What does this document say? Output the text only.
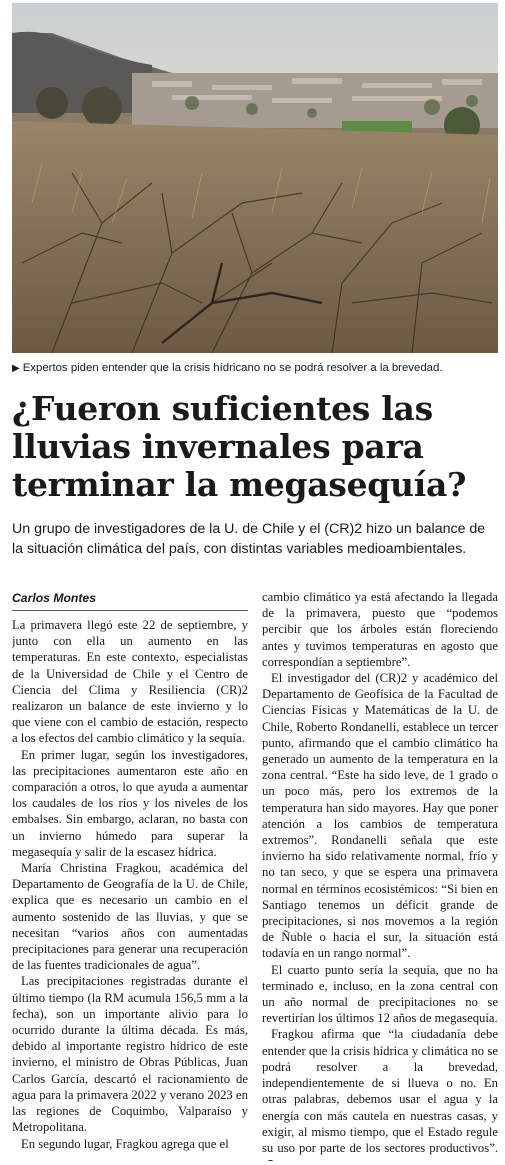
▶ Expertos piden entender que la crisis hídricano no se podrá resolver a la brevedad.
¿Fueron suficientes las
lluvias invernales para
terminar la megasequía?
Un grupo de investigadores de la U. de Chile y el (CR)2 hizo un balance de
la situación climática del país, con distintas variables medioambientales.
Carlos Montes

La primavera llegó este 22 de septiembre, y junto con ella un aumento en las temperaturas. En este contexto, especialistas de la Universidad de Chile y el Centro de Ciencia del Clima y Resiliencia (CR)2 realizaron un balance de este invierno y lo que viene con el cambio de estación, respecto a los efectos del cambio climático y la sequía.

En primer lugar, según los investigadores, las precipitaciones aumentaron este año en comparación a otros, lo que ayuda a aumentar los caudales de los ríos y los niveles de los embalses. Sin embargo, aclaran, no basta con un invierno húmedo para superar la megasequía y salir de la escasez hídrica.

María Christina Fragkou, académica del Departamento de Geografía de la U. de Chile, explica que es necesario un cambio en el aumento sostenido de las lluvias, y que se necesitan “varios años con aumentadas precipitaciones para generar una recuperación de las fuentes tradicionales de agua”.

Las precipitaciones registradas durante el último tiempo (la RM acumula 156,5 mm a la fecha), son un importante alivio para lo ocurrido durante la última década. Es más, debido al importante registro hídrico de este invierno, el ministro de Obras Públicas, Juan Carlos García, descartó el racionamiento de agua para la primavera 2022 y verano 2023 en las regiones de Coquimbo, Valparaíso y Metropolitana.

En segundo lugar, Fragkou agrega que el

cambio climático ya está afectando la llegada de la primavera, puesto que “podemos percibir que los árboles están floreciendo antes y tuvimos temperaturas en agosto que correspondían a septiembre”.

El investigador del (CR)2 y académico del Departamento de Geofísica de la Facultad de Ciencias Físicas y Matemáticas de la U. de Chile, Roberto Rondanelli, establece un tercer punto, afirmando que el cambio climático ha generado un aumento de la temperatura en la zona central. “Este ha sido leve, de 1 grado o un poco más, pero los extremos de la temperatura han sido mayores. Hay que poner atención a los cambios de temperatura extremos”. Rondanelli señala que este invierno ha sido relativamente normal, frío y no tan seco, y que se espera una primavera normal en términos ecosistémicos: “Si bien en Santiago tenemos un déficit grande de precipitaciones, si nos movemos a la región de Ñuble o hacia el sur, la situación está todavía en un rango normal”.

El cuarto punto sería la sequía, que no ha terminado e, incluso, en la zona central con un año normal de precipitaciones no se revertirían los últimos 12 años de megasequía.

Fragkou afirma que “la ciudadanía debe entender que la crisis hídrica y climática no se podrá resolver a la brevedad, independientemente de si llueva o no. En otras palabras, debemos usar el agua y la energía con más cautela en nuestras casas, y exigir, al mismo tiempo, que el Estado regule su uso por parte de los sectores productivos”.
